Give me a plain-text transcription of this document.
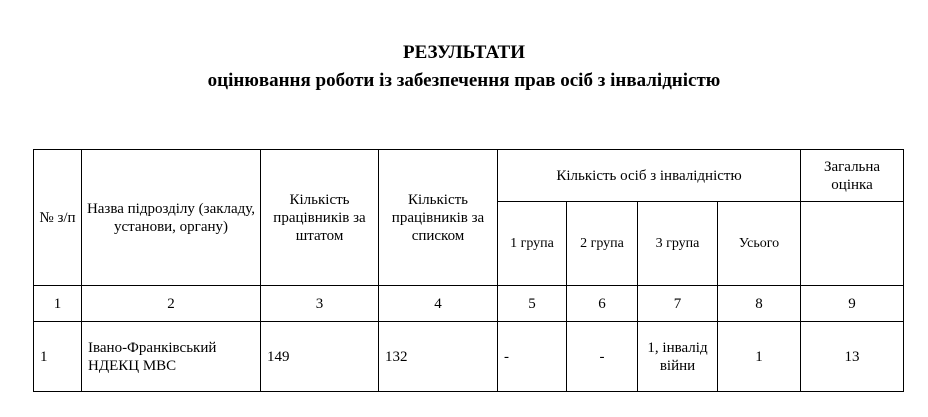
РЕЗУЛЬТАТИ
оцінювання роботи із забезпечення прав осіб з інвалідністю
№ з/п	Назва підрозділу (закладу, установи, органу)	Кількість працівників за штатом	Кількість працівників за списком	Кількість осіб з інвалідністю				Загальна оцінка
				1 група	2 група	3 група	Усього	
1	2	3	4	5	6	7	8	9
1	Івано-Франківський НДЕКЦ МВС	149	132	-	-	1, інвалід війни	1	13
